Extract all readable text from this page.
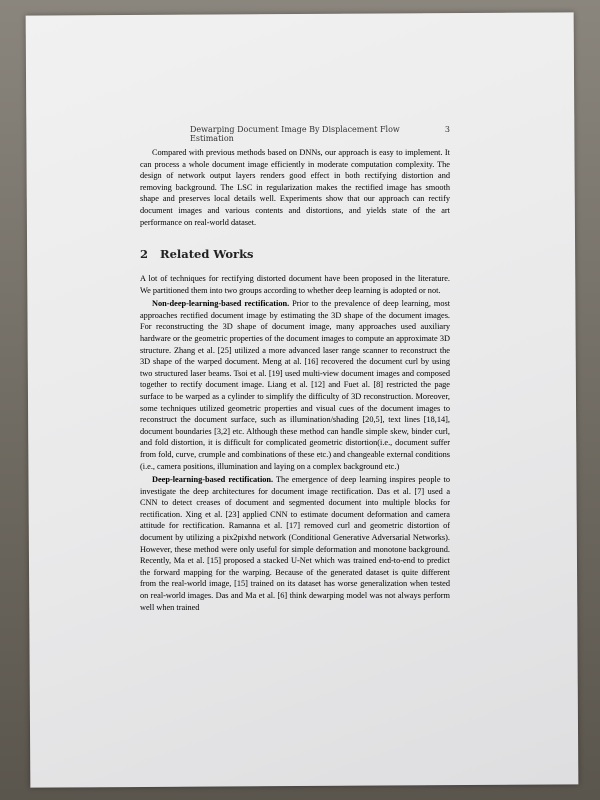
Dewarping Document Image By Displacement Flow Estimation
3

Compared with previous methods based on DNNs, our approach is easy to implement. It can process a whole document image efficiently in moderate computation complexity. The design of network output layers renders good effect in both rectifying distortion and removing background. The LSC in regularization makes the rectified image has smooth shape and preserves local details well. Experiments show that our approach can rectify document images and various contents and distortions, and yields state of the art performance on real-world dataset.

2 Related Works

A lot of techniques for rectifying distorted document have been proposed in the literature. We partitioned them into two groups according to whether deep learning is adopted or not.

Non-deep-learning-based rectification. Prior to the prevalence of deep learning, most approaches rectified document image by estimating the 3D shape of the document images. For reconstructing the 3D shape of document image, many approaches used auxiliary hardware or the geometric properties of the document images to compute an approximate 3D structure. Zhang et al. [25] utilized a more advanced laser range scanner to reconstruct the 3D shape of the warped document. Meng at al. [16] recovered the document curl by using two structured laser beams. Tsoi et al. [19] used multi-view document images and composed together to rectify document image. Liang et al. [12] and Fuet al. [8] restricted the page surface to be warped as a cylinder to simplify the difficulty of 3D reconstruction. Moreover, some techniques utilized geometric properties and visual cues of the document images to reconstruct the document surface, such as illumination/shading [20,5], text lines [18,14], document boundaries [3,2] etc. Although these method can handle simple skew, binder curl, and fold distortion, it is difficult for complicated geometric distortion(i.e., document suffer from fold, curve, crumple and combinations of these etc.) and changeable external conditions (i.e., camera positions, illumination and laying on a complex background etc.)

Deep-learning-based rectification. The emergence of deep learning inspires people to investigate the deep architectures for document image rectification. Das et al. [7] used a CNN to detect creases of document and segmented document into multiple blocks for rectification. Xing et al. [23] applied CNN to estimate document deformation and camera attitude for rectification. Ramanna et al. [17] removed curl and geometric distortion of document by utilizing a pix2pixhd network (Conditional Generative Adversarial Networks). However, these method were only useful for simple deformation and monotone background. Recently, Ma et al. [15] proposed a stacked U-Net which was trained end-to-end to predict the forward mapping for the warping. Because of the generated dataset is quite different from the real-world image, [15] trained on its dataset has worse generalization when tested on real-world images. Das and Ma et al. [6] think dewarping model was not always perform well when trained
